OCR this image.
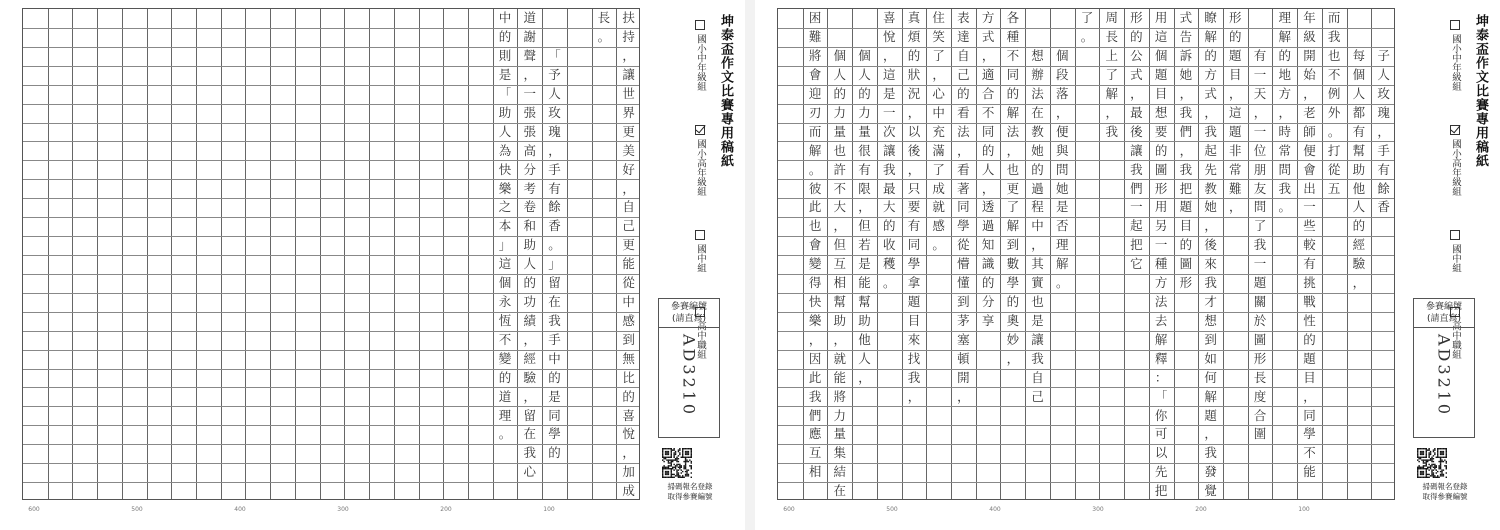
子
人
玫
瑰
，
手
有
餘
香

每
個
人
都
有
幫
助
他
人
的
經
驗
，
而
我
也
不
例
外
。
打
從
五
年
級
開
始
，
老
師
便
會
出
一
些
較
有
挑
戰
性
的
題
目
，
同
學
不
能
理
解
的
地
方
，
時
常
問
我
。

有
一
天
，
一
位
朋
友
問
了
我
一
題
關
於
圖
形
長
度
合
圍
形
的
題
目
，
這
題
非
常
難
，
瞭
解
的
方
式
，
我
起
先
教
她
，
後
來
我
才
想
到
如
何
解
題
，
我
發
覺
式
告
訴
她
，
我
們
，
我
把
題
目
的
圖
形
用
這
個
題
目
想
要
的
圖
形
用
另
一
種
方
法
去
解
釋
：
「
你
可
以
先
把
形
的
公
式
，
最
後
讓
我
們
一
起
把
它
周
長
上
了
解
，
我
了
。

個
段
落
，
便
與
問
她
是
否
理
解
。

想
辦
法
在
教
她
的
過
程
中
，
其
實
也
是
讓
我
自
己
各
種
不
同
的
解
法
，
也
更
了
解
到
數
學
的
奧
妙
，
方
式
，
適
合
不
同
的
人
，
透
過
知
識
的
分
享
表
達
自
己
的
看
法
，
看
著
同
學
從
懵
懂
到
茅
塞
頓
開
，
住
笑
了
，
心
中
充
滿
了
成
就
感
。
真
煩
的
狀
況
，
以
後
，
只
要
有
同
學
拿
題
目
來
找
我
，
喜
悅
，
這
是
一
次
讓
我
最
大
的
收
穫
。

個
人
的
力
量
很
有
限
，
但
若
是
能
幫
助
他
人
，

個
人
的
力
量
也
許
不
大
，
但
互
相
幫
助
，
就
能
將
力
量
集
結
在
困
難
將
會
迎
刃
而
解
。
彼
此
也
會
變
得
快
樂
，
因
此
我
們
應
互
相
600	500	400	300	200	100
坤泰盃作文比賽專用稿紙
國小中年級組
國小高年級組
國中組
高中職組
參賽編號
(請直寫)
AD3210
掃碼報名登錄
取得參賽編號
扶
持
，
讓
世
界
更
美
好
，
自
己
更
能
從
中
感
到
無
比
的
喜
悅
，
加
成
長
。

「
予
人
玫
瑰
，
手
有
餘
香
。
」
留
在
我
手
中
的
是
同
學
的
道
謝
聲
，
一
張
張
高
分
考
卷
和
助
人
的
功
績
，
經
驗
，
留
在
我
心
中
的
則
是
「
助
人
為
快
樂
之
本
」
這
個
永
恆
不
變
的
道
理
。
600	500	400	300	200	100
坤泰盃作文比賽專用稿紙
國小中年級組
國小高年級組
國中組
高中職組
參賽編號
(請直寫)
AD3210
掃碼報名登錄
取得參賽編號
